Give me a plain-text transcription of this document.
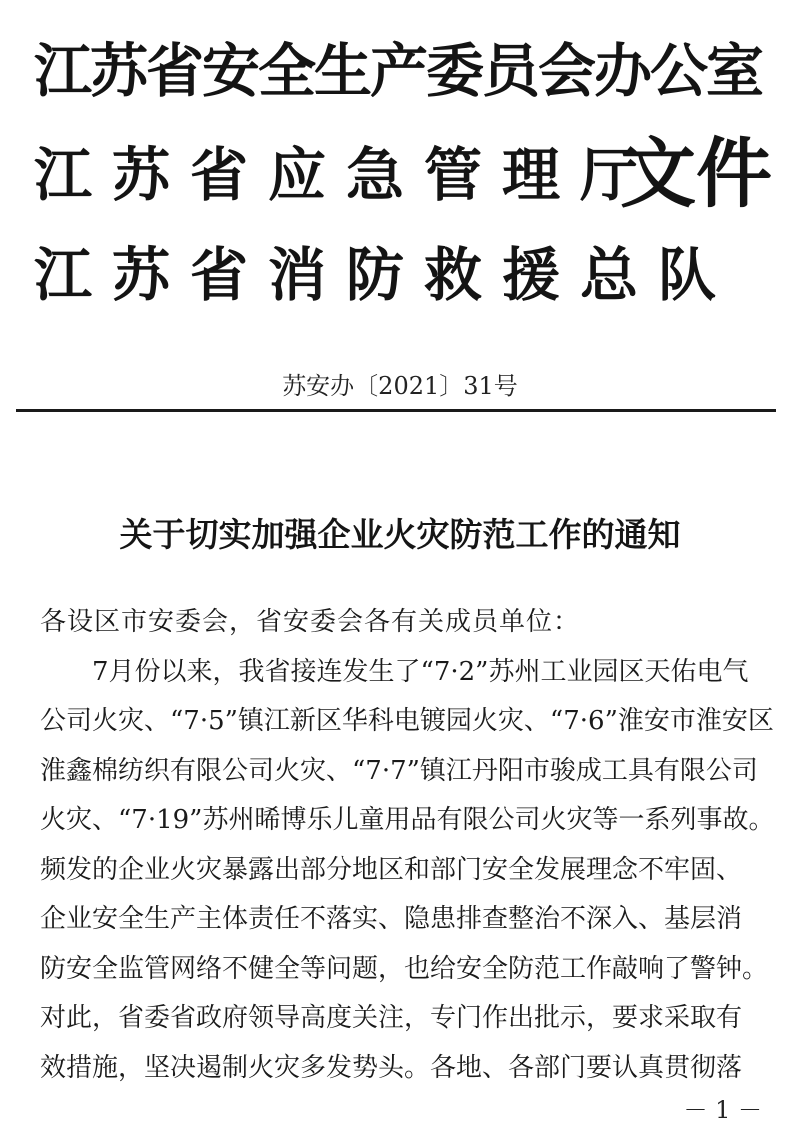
江苏省安全生产委员会办公室
江苏省应急管理厅
江苏省消防救援总队
文件
苏安办〔2021〕31号
关于切实加强企业火灾防范工作的通知
各设区市安委会，省安委会各有关成员单位：
7月份以来，我省接连发生了“7·2”苏州工业园区天佑电气
公司火灾、“7·5”镇江新区华科电镀园火灾、“7·6”淮安市淮安区
淮鑫棉纺织有限公司火灾、“7·7”镇江丹阳市骏成工具有限公司
火灾、“7·19”苏州晞博乐儿童用品有限公司火灾等一系列事故。
频发的企业火灾暴露出部分地区和部门安全发展理念不牢固、
企业安全生产主体责任不落实、隐患排查整治不深入、基层消
防安全监管网络不健全等问题，也给安全防范工作敲响了警钟。
对此，省委省政府领导高度关注，专门作出批示，要求采取有
效措施，坚决遏制火灾多发势头。各地、各部门要认真贯彻落
－ 1 －
